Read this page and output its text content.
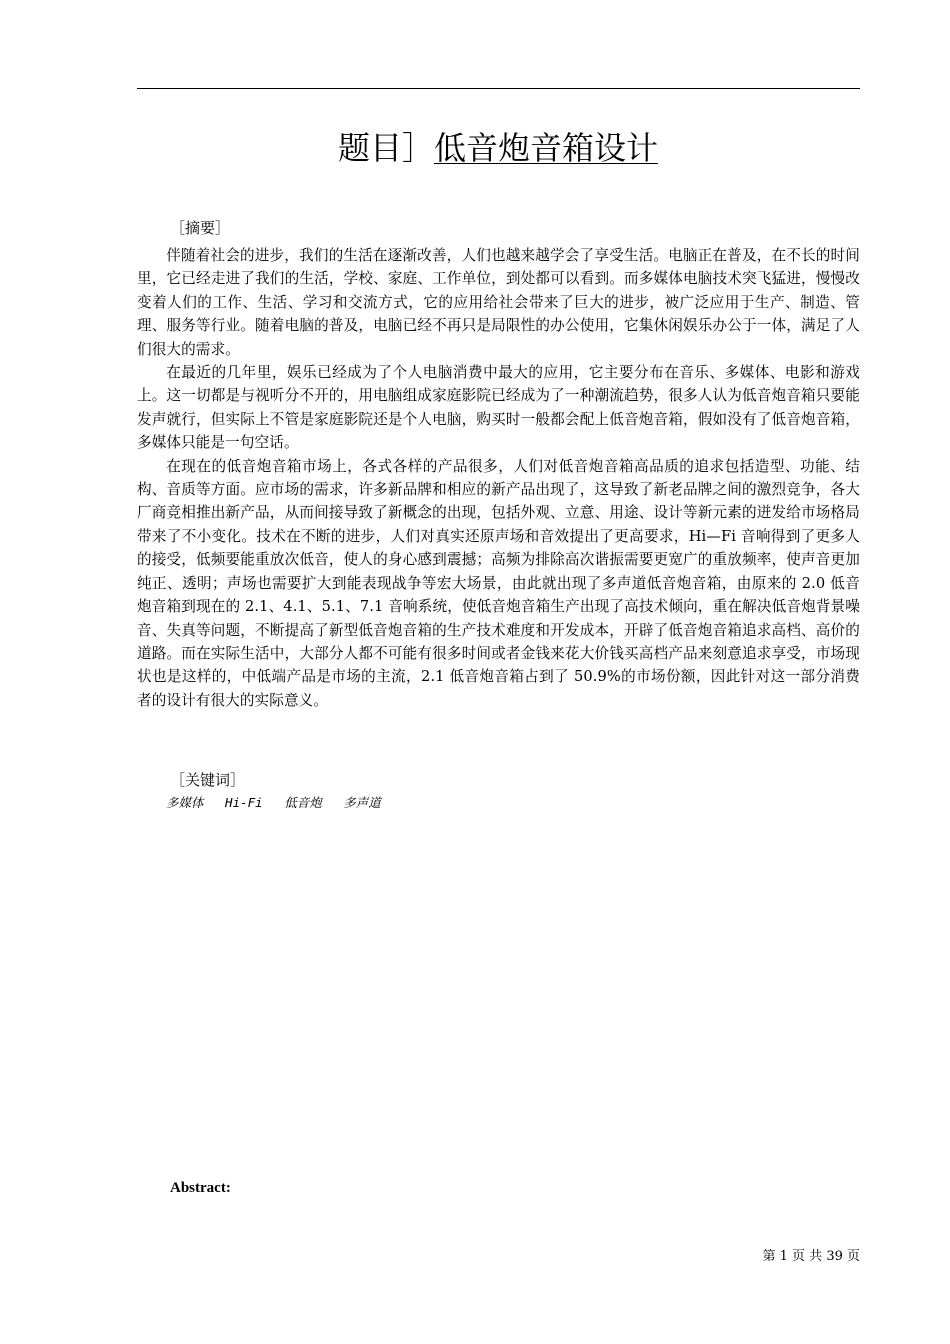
题目］低音炮音箱设计
［摘要］

伴随着社会的进步，我们的生活在逐渐改善，人们也越来越学会了享受生活。电脑正在普及，在不长的时间里，它已经走进了我们的生活，学校、家庭、工作单位，到处都可以看到。而多媒体电脑技术突飞猛进，慢慢改变着人们的工作、生活、学习和交流方式，它的应用给社会带来了巨大的进步，被广泛应用于生产、制造、管理、服务等行业。随着电脑的普及，电脑已经不再只是局限性的办公使用，它集休闲娱乐办公于一体，满足了人们很大的需求。

在最近的几年里，娱乐已经成为了个人电脑消费中最大的应用，它主要分布在音乐、多媒体、电影和游戏上。这一切都是与视听分不开的，用电脑组成家庭影院已经成为了一种潮流趋势，很多人认为低音炮音箱只要能发声就行，但实际上不管是家庭影院还是个人电脑，购买时一般都会配上低音炮音箱，假如没有了低音炮音箱，多媒体只能是一句空话。

在现在的低音炮音箱市场上，各式各样的产品很多，人们对低音炮音箱高品质的追求包括造型、功能、结构、音质等方面。应市场的需求，许多新品牌和相应的新产品出现了，这导致了新老品牌之间的激烈竞争，各大厂商竞相推出新产品，从而间接导致了新概念的出现，包括外观、立意、用途、设计等新元素的迸发给市场格局带来了不小变化。技术在不断的进步，人们对真实还原声场和音效提出了更高要求，Hi—Fi 音响得到了更多人的接受，低频要能重放次低音，使人的身心感到震撼；高频为排除高次谐振需要更宽广的重放频率，使声音更加纯正、透明；声场也需要扩大到能表现战争等宏大场景，由此就出现了多声道低音炮音箱，由原来的 2.0 低音炮音箱到现在的 2.1、4.1、5.1、7.1 音响系统，使低音炮音箱生产出现了高技术倾向，重在解决低音炮背景噪音、失真等问题，不断提高了新型低音炮音箱的生产技术难度和开发成本，开辟了低音炮音箱追求高档、高价的道路。而在实际生活中，大部分人都不可能有很多时间或者金钱来花大价钱买高档产品来刻意追求享受，市场现状也是这样的，中低端产品是市场的主流，2.1 低音炮音箱占到了 50.9%的市场份额，因此针对这一部分消费者的设计有很大的实际意义。

［关键词］
多媒体 Hi-Fi 低音炮 多声道
Abstract:
第 1 页 共 39 页
